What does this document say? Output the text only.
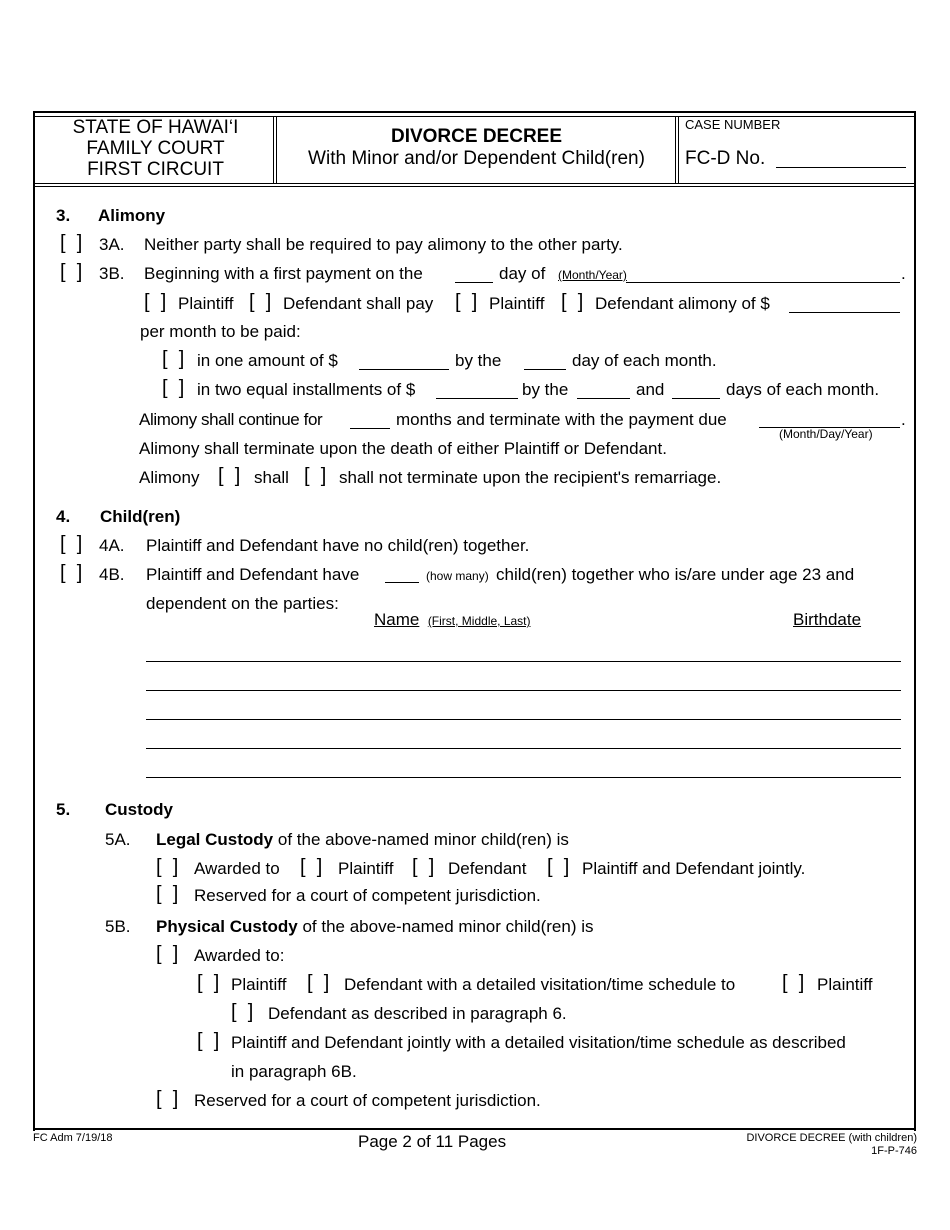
STATE OF HAWAI‘I
FAMILY COURT
FIRST CIRCUIT
DIVORCE DECREE
With Minor and/or Dependent Child(ren)
CASE NUMBER
FC-D No.
3. Alimony
[ ] 3A. Neither party shall be required to pay alimony to the other party.
[ ] 3B. Beginning with a first payment on the	day of (Month/Year)	.
[ ] Plaintiff [ ] Defendant shall pay [ ] Plaintiff [ ] Defendant alimony of $
per month to be paid:
[ ] in one amount of $	by the	day of each month.
[ ] in two equal installments of $	by the	and	days of each month.
Alimony shall continue for	months and terminate with the payment due	.
(Month/Day/Year)
Alimony shall terminate upon the death of either Plaintiff or Defendant.
Alimony [ ] shall [ ] shall not terminate upon the recipient's remarriage.
4. Child(ren)
[ ] 4A. Plaintiff and Defendant have no child(ren) together.
[ ] 4B. Plaintiff and Defendant have	(how many) child(ren) together who is/are under age 23 and
dependent on the parties:
Name (First, Middle, Last)	Birthdate
5. Custody
5A. Legal Custody of the above-named minor child(ren) is
[ ] Awarded to [ ] Plaintiff [ ] Defendant [ ] Plaintiff and Defendant jointly.
[ ] Reserved for a court of competent jurisdiction.
5B. Physical Custody of the above-named minor child(ren) is
[ ] Awarded to:
[ ] Plaintiff [ ] Defendant with a detailed visitation/time schedule to [ ] Plaintiff
[ ] Defendant as described in paragraph 6.
[ ] Plaintiff and Defendant jointly with a detailed visitation/time schedule as described
in paragraph 6B.
[ ] Reserved for a court of competent jurisdiction.
FC Adm 7/19/18	Page 2 of 11 Pages	DIVORCE DECREE (with children)
1F-P-746
